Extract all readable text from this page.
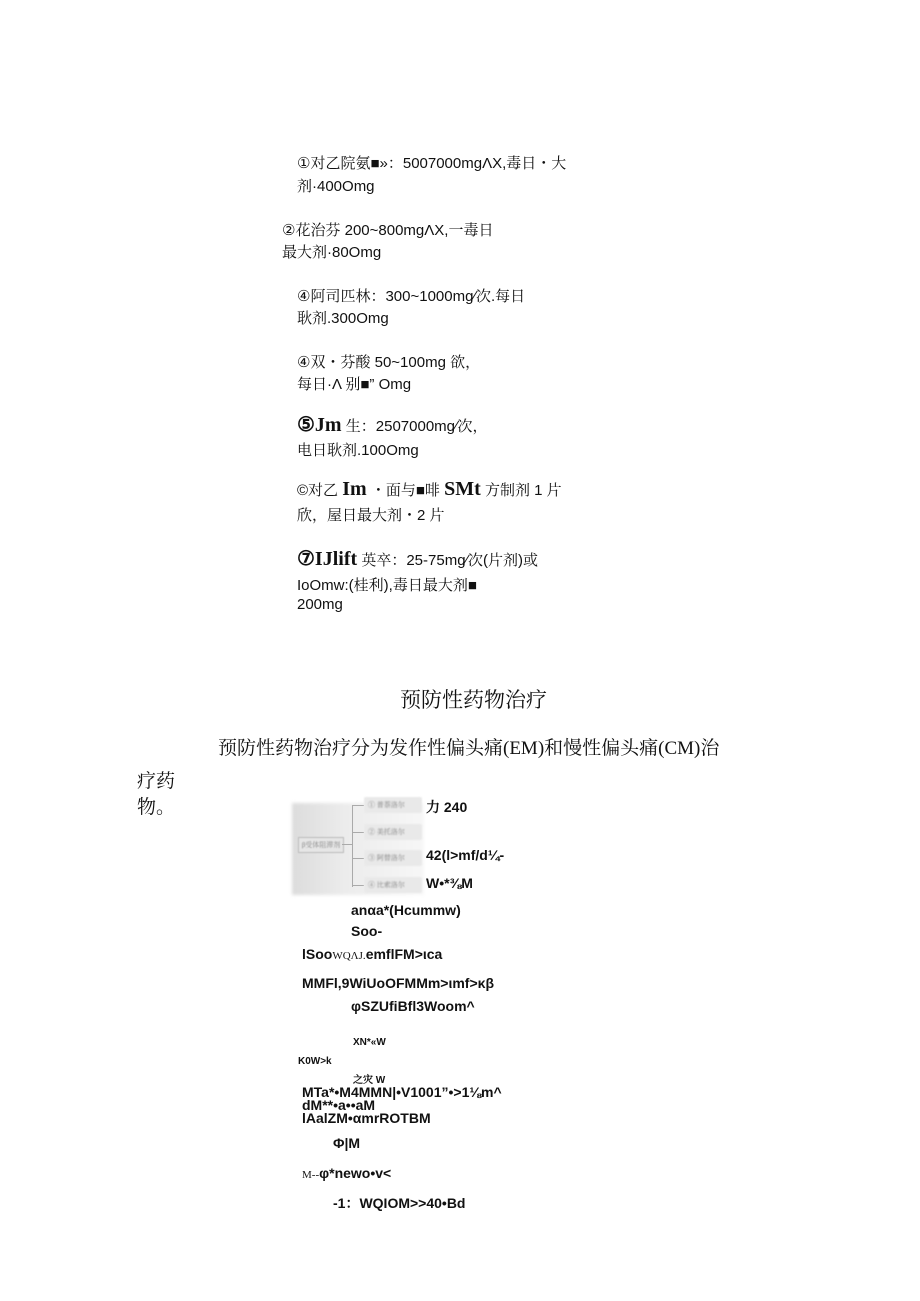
①对乙院氨■»：5007000mgΛX,毒日・大
剂·400Omg
②花治芬 200~800mgΛX,一毒日
最大剂·80Omg
④阿司匹林：300~1000mg∕次.每日
耿剂.300Omg
④双・芬酸 50~100mg 欲，
每日·Λ 别■” Omg
⑤Jm 生：2507000mg∕次，
电日耿剂.100Omg
©对乙 Im ・面与■啡 SMt 方制剂 1 片
欣，屋日最大剂・2 片
⑦IJlift 英卒：25-75mg∕次(片剂)或
IoOmw:(桂利),毒日最大剂■
200mg
预防性药物治疗
预防性药物治疗分为发作性偏头痛(EM)和慢性偏头痛(CM)治
疗药
物。
β受体阻滞剂
① 普萘洛尔
② 美托洛尔
③ 阿替洛尔
④ 比索洛尔
力 240
42(l>mf/d¼-
W•*⅜M
anαa*(Hcummw)
Soo-
lSooWQΛJ.emflFM>ιca
MMFl,9WiUoOFMMm>ιmf>κβ
φSZUfiBfl3Woom^
XN*«W
K0W>k
之灾 W
MTa*•M4MMN|•V1001”•>1⅛m^
dM**•a••aM
lAalZM•αmrROTBM
Φ|M
M--φ*newo•v<
-1：WQIOM>>40•Bd
